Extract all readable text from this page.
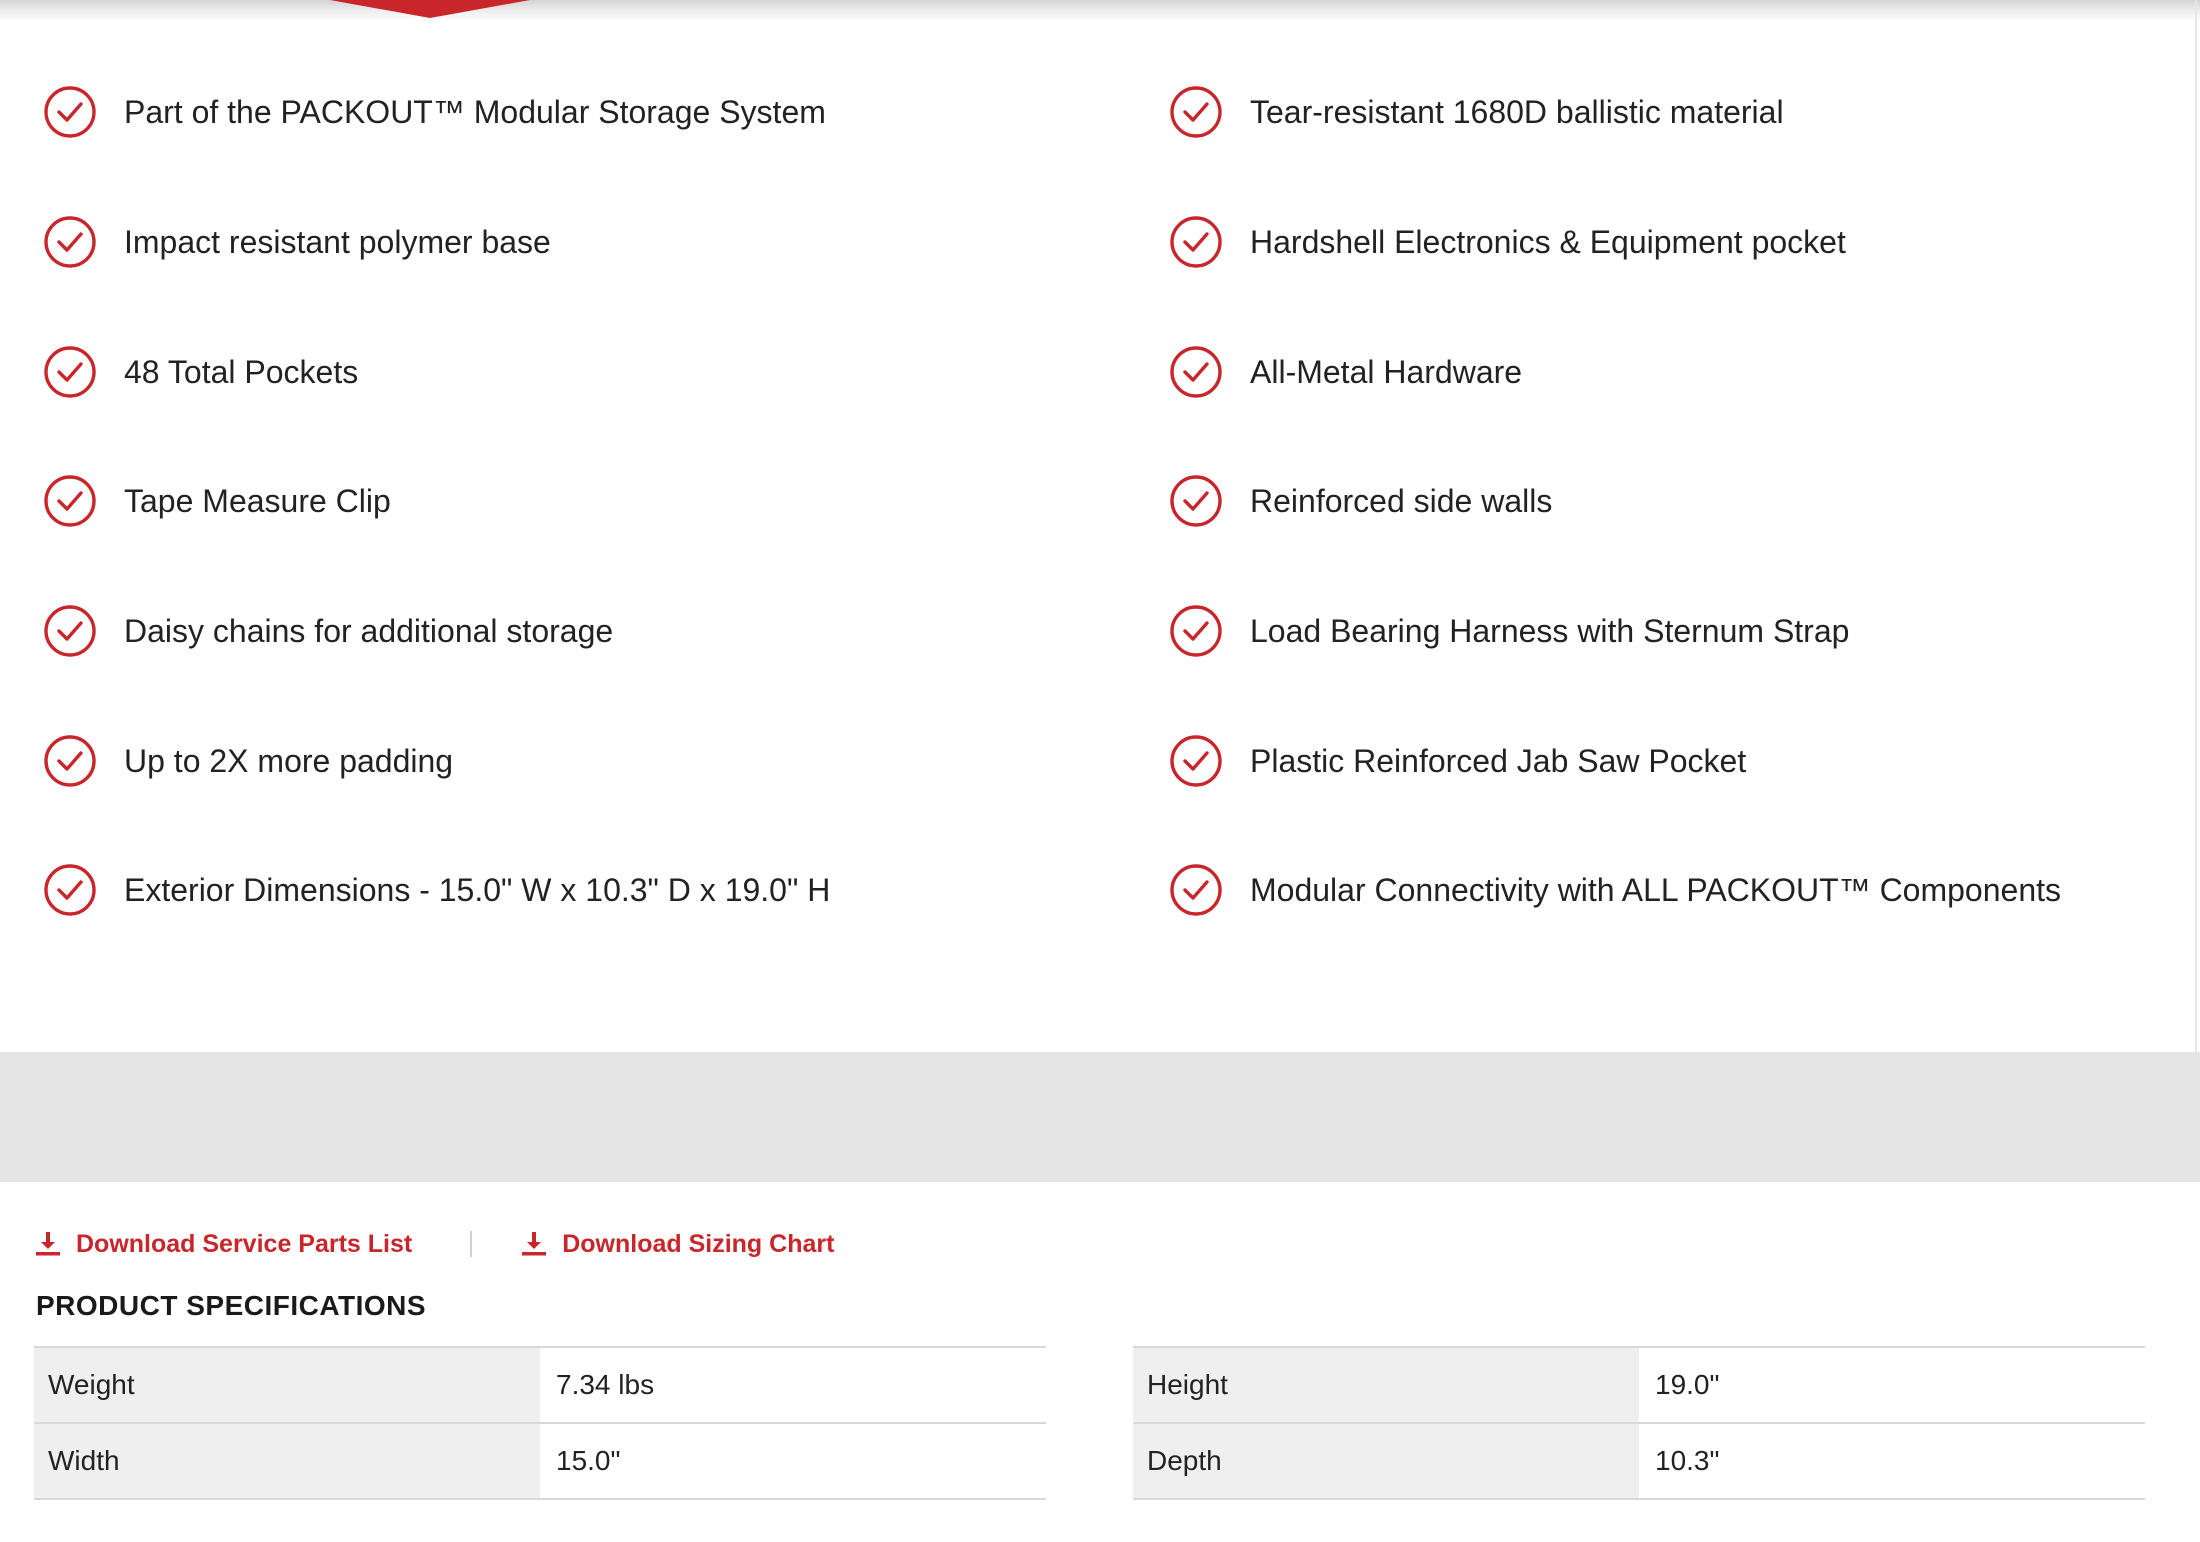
Part of the PACKOUT™ Modular Storage System
Impact resistant polymer base
48 Total Pockets
Tape Measure Clip
Daisy chains for additional storage
Up to 2X more padding
Exterior Dimensions - 15.0" W x 10.3" D x 19.0" H
Tear-resistant 1680D ballistic material
Hardshell Electronics & Equipment pocket
All-Metal Hardware
Reinforced side walls
Load Bearing Harness with Sternum Strap
Plastic Reinforced Jab Saw Pocket
Modular Connectivity with ALL PACKOUT™ Components
Download Service Parts List	Download Sizing Chart
PRODUCT SPECIFICATIONS
Weight	7.34 lbs
Width	15.0"
Height	19.0"
Depth	10.3"
